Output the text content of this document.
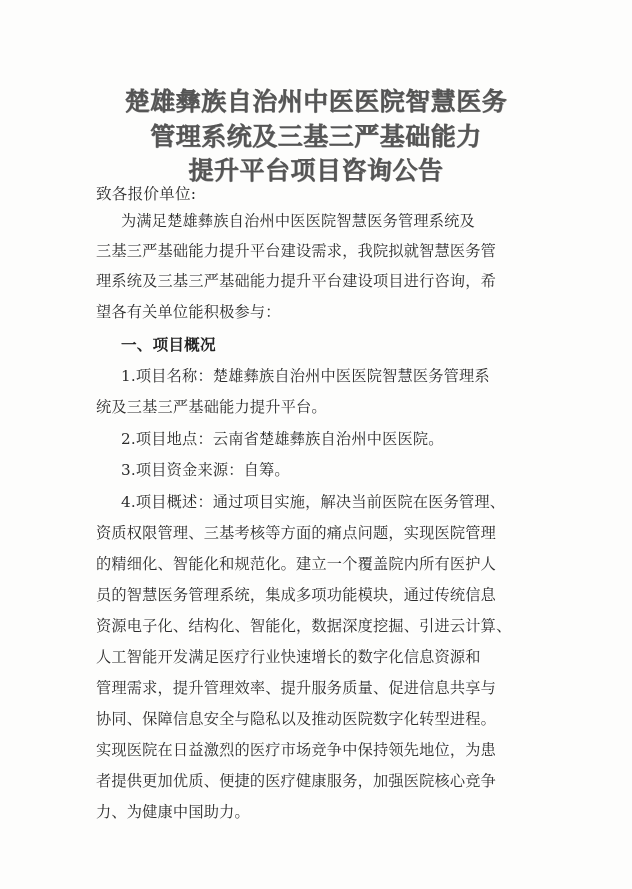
楚雄彝族自治州中医医院智慧医务
管理系统及三基三严基础能力
提升平台项目咨询公告
致各报价单位:
为满足楚雄彝族自治州中医医院智慧医务管理系统及
三基三严基础能力提升平台建设需求，我院拟就智慧医务管
理系统及三基三严基础能力提升平台建设项目进行咨询，希
望各有关单位能积极参与：
一、项目概况
1.项目名称：楚雄彝族自治州中医医院智慧医务管理系
统及三基三严基础能力提升平台。
2.项目地点：云南省楚雄彝族自治州中医医院。
3.项目资金来源：自筹。
4.项目概述：通过项目实施，解决当前医院在医务管理、
资质权限管理、三基考核等方面的痛点问题，实现医院管理
的精细化、智能化和规范化。建立一个覆盖院内所有医护人
员的智慧医务管理系统，集成多项功能模块，通过传统信息
资源电子化、结构化、智能化，数据深度挖掘、引进云计算、
人工智能开发满足医疗行业快速增长的数字化信息资源和
管理需求，提升管理效率、提升服务质量、促进信息共享与
协同、保障信息安全与隐私以及推动医院数字化转型进程。
实现医院在日益激烈的医疗市场竞争中保持领先地位，为患
者提供更加优质、便捷的医疗健康服务，加强医院核心竞争
力、为健康中国助力。
